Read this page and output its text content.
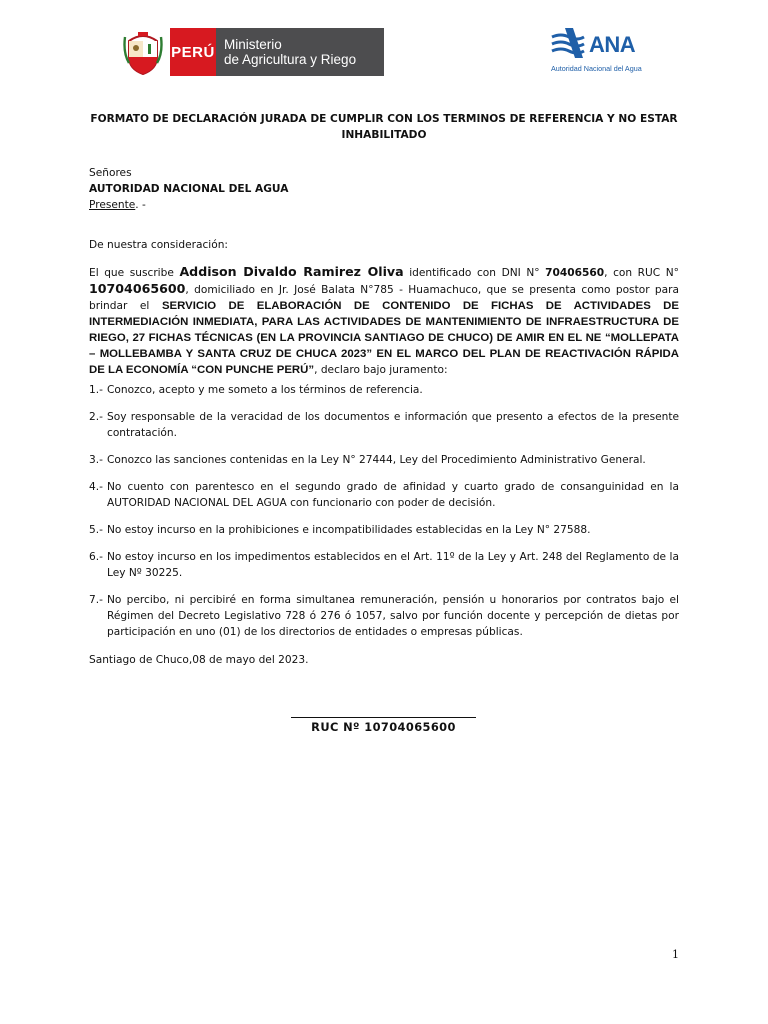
PERÚ Ministerio
de Agricultura y Riego
ANA
Autoridad Nacional del Agua
FORMATO DE DECLARACIÓN JURADA DE CUMPLIR CON LOS TERMINOS DE REFERENCIA Y NO ESTAR
INHABILITADO
Señores
AUTORIDAD NACIONAL DEL AGUA
Presente. -
De nuestra consideración:
El que suscribe Addison Divaldo Ramirez Oliva identificado con DNI N° 70406560, con RUC N° 10704065600, domiciliado en Jr. José Balata N°785 - Huamachuco, que se presenta como postor para brindar el SERVICIO DE ELABORACIÓN DE CONTENIDO DE FICHAS DE ACTIVIDADES DE INTERMEDIACIÓN INMEDIATA, PARA LAS ACTIVIDADES DE MANTENIMIENTO DE INFRAESTRUCTURA DE RIEGO, 27 FICHAS TÉCNICAS (EN LA PROVINCIA SANTIAGO DE CHUCO) DE AMIR EN EL NE “MOLLEPATA – MOLLEBAMBA Y SANTA CRUZ DE CHUCA 2023” EN EL MARCO DEL PLAN DE REACTIVACIÓN RÁPIDA DE LA ECONOMÍA “CON PUNCHE PERÚ”, declaro bajo juramento:
1.- Conozco, acepto y me someto a los términos de referencia.
2.- Soy responsable de la veracidad de los documentos e información que presento a efectos de la presente contratación.
3.- Conozco las sanciones contenidas en la Ley N° 27444, Ley del Procedimiento Administrativo General.
4.- No cuento con parentesco en el segundo grado de afinidad y cuarto grado de consanguinidad en la AUTORIDAD NACIONAL DEL AGUA con funcionario con poder de decisión.
5.- No estoy incurso en la prohibiciones e incompatibilidades establecidas en la Ley N° 27588.
6.- No estoy incurso en los impedimentos establecidos en el Art. 11º de la Ley y Art. 248 del Reglamento de la Ley Nº 30225.
7.- No percibo, ni percibiré en forma simultanea remuneración, pensión u honorarios por contratos bajo el Régimen del Decreto Legislativo 728 ó 276 ó 1057, salvo por función docente y percepción de dietas por participación en uno (01) de los directorios de entidades o empresas públicas.
Santiago de Chuco,08 de mayo del 2023.
RUC Nº 10704065600
1
